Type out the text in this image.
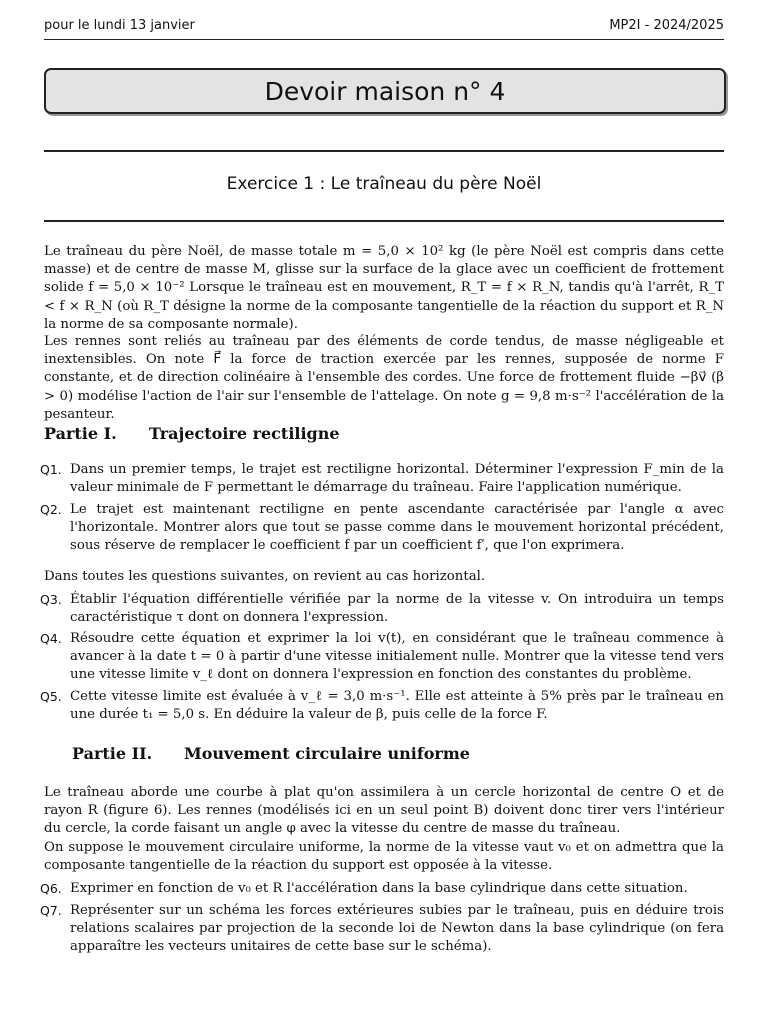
pour le lundi 13 janvier	MP2I - 2024/2025
Devoir maison n° 4
Exercice 1 : Le traîneau du père Noël

Le traîneau du père Noël, de masse totale m = 5,0 × 10² kg (le père Noël est compris dans cette masse) et de centre de masse M, glisse sur la surface de la glace avec un coefficient de frottement solide f = 5,0 × 10⁻² Lorsque le traîneau est en mouvement, R_T = f × R_N, tandis qu'à l'arrêt, R_T < f × R_N (où R_T désigne la norme de la composante tangentielle de la réaction du support et R_N la norme de sa composante normale).

Les rennes sont reliés au traîneau par des éléments de corde tendus, de masse négligeable et inextensibles. On note F⃗ la force de traction exercée par les rennes, supposée de norme F constante, et de direction colinéaire à l'ensemble des cordes. Une force de frottement fluide −βv⃗ (β > 0) modélise l'action de l'air sur l'ensemble de l'attelage. On note g = 9,8 m·s⁻² l'accélération de la pesanteur.

Partie I. Trajectoire rectiligne
Q1. Dans un premier temps, le trajet est rectiligne horizontal. Déterminer l'expression F_min de la valeur minimale de F permettant le démarrage du traîneau. Faire l'application numérique.
Q2. Le trajet est maintenant rectiligne en pente ascendante caractérisée par l'angle α avec l'horizontale. Montrer alors que tout se passe comme dans le mouvement horizontal précédent, sous réserve de remplacer le coefficient f par un coefficient f′, que l'on exprimera.

Dans toutes les questions suivantes, on revient au cas horizontal.

Q3. Établir l'équation différentielle vérifiée par la norme de la vitesse v. On introduira un temps caractéristique τ dont on donnera l'expression.
Q4. Résoudre cette équation et exprimer la loi v(t), en considérant que le traîneau commence à avancer à la date t = 0 à partir d'une vitesse initialement nulle. Montrer que la vitesse tend vers une vitesse limite v_ℓ dont on donnera l'expression en fonction des constantes du problème.
Q5. Cette vitesse limite est évaluée à v_ℓ = 3,0 m·s⁻¹. Elle est atteinte à 5% près par le traîneau en une durée t₁ = 5,0 s. En déduire la valeur de β, puis celle de la force F.
Partie II. Mouvement circulaire uniforme

Le traîneau aborde une courbe à plat qu'on assimilera à un cercle horizontal de centre O et de rayon R (figure 6). Les rennes (modélisés ici en un seul point B) doivent donc tirer vers l'intérieur du cercle, la corde faisant un angle φ avec la vitesse du centre de masse du traîneau.

On suppose le mouvement circulaire uniforme, la norme de la vitesse vaut v₀ et on admettra que la composante tangentielle de la réaction du support est opposée à la vitesse.

Q6. Exprimer en fonction de v₀ et R l'accélération dans la base cylindrique dans cette situation.
Q7. Représenter sur un schéma les forces extérieures subies par le traîneau, puis en déduire trois relations scalaires par projection de la seconde loi de Newton dans la base cylindrique (on fera apparaître les vecteurs unitaires de cette base sur le schéma).
